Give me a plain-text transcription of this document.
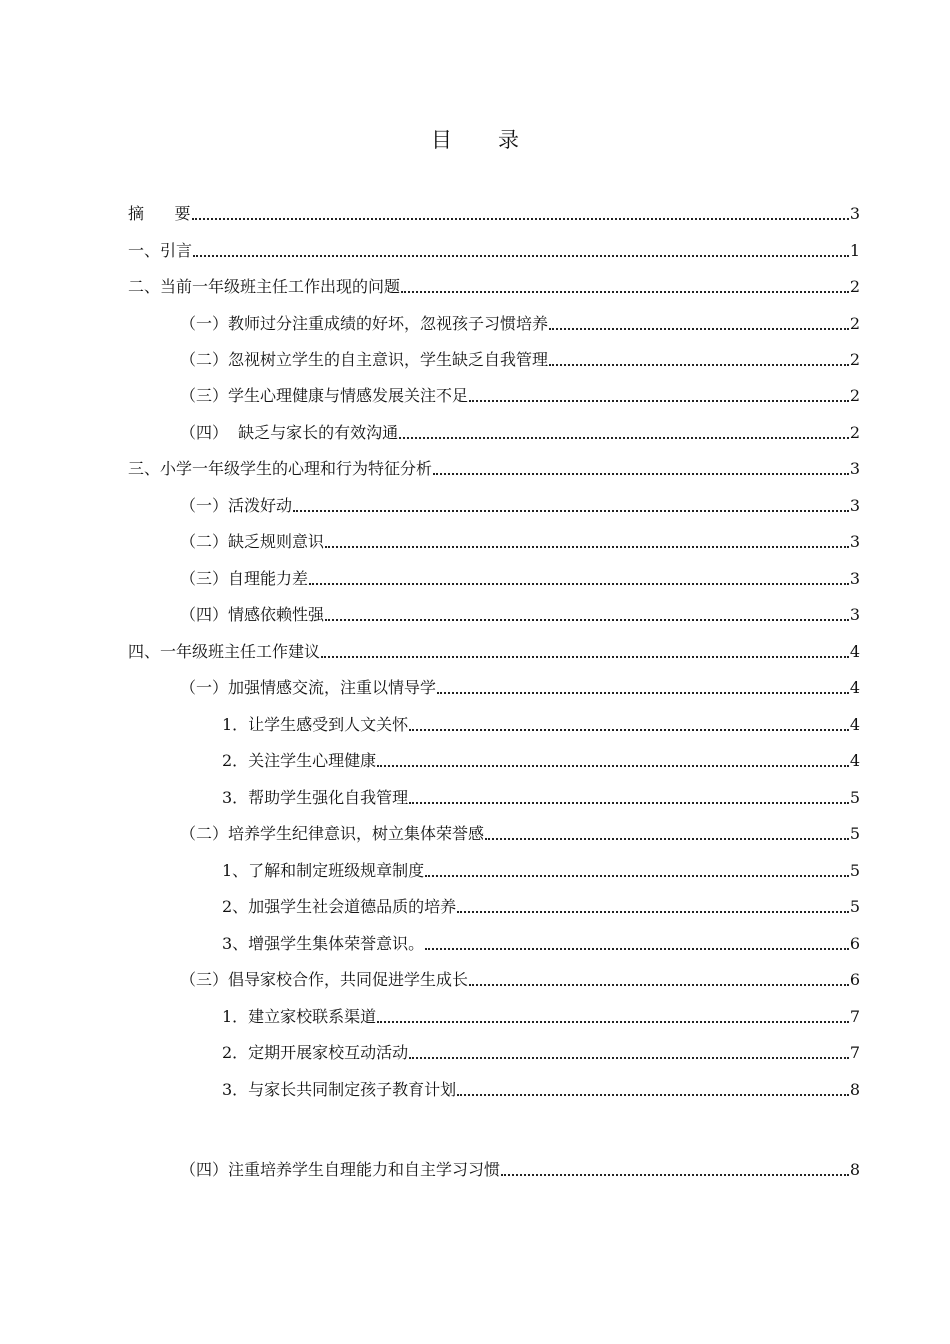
目 录
摘      要	3
一、引言	1
二、当前一年级班主任工作出现的问题	2
（一）教师过分注重成绩的好坏，忽视孩子习惯培养	2
（二）忽视树立学生的自主意识，学生缺乏自我管理	2
（三）学生心理健康与情感发展关注不足	2
（四）  缺乏与家长的有效沟通	2
三、小学一年级学生的心理和行为特征分析	3
（一）活泼好动	3
（二）缺乏规则意识	3
（三）自理能力差	3
（四）情感依赖性强	3
四、一年级班主任工作建议	4
（一）加强情感交流，注重以情导学	4
1．让学生感受到人文关怀	4
2．关注学生心理健康	4
3．帮助学生强化自我管理	5
（二）培养学生纪律意识，树立集体荣誉感	5
1、了解和制定班级规章制度	5
2、加强学生社会道德品质的培养	5
3、增强学生集体荣誉意识。	6
（三）倡导家校合作，共同促进学生成长	6
1．建立家校联系渠道	7
2．定期开展家校互动活动	7
3．与家长共同制定孩子教育计划	8
（四）注重培养学生自理能力和自主学习习惯	8
